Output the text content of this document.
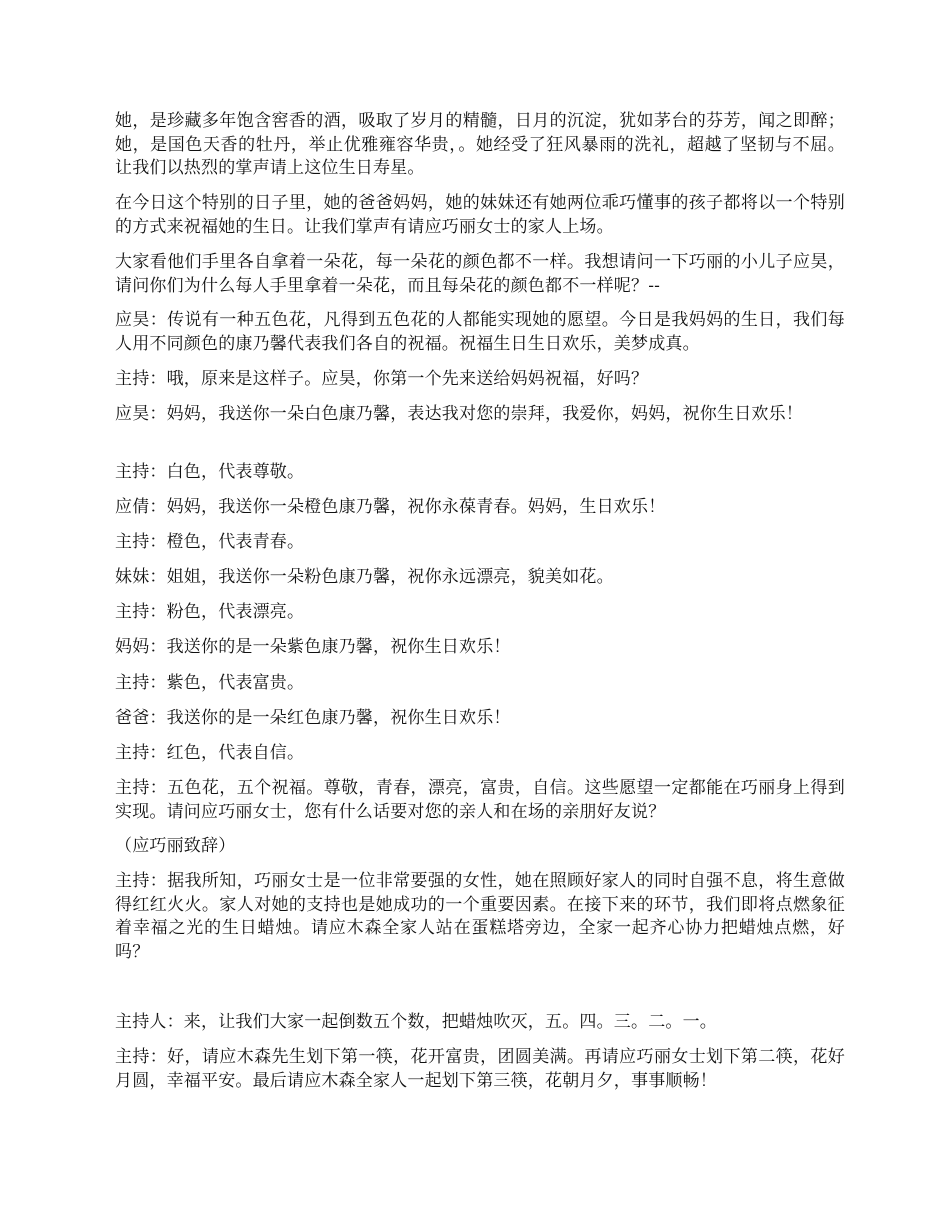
她，是珍藏多年饱含窖香的酒，吸取了岁月的精髓，日月的沉淀，犹如茅台的芬芳，闻之即醉；她，是国色天香的牡丹，举止优雅雍容华贵，。她经受了狂风暴雨的洗礼，超越了坚韧与不屈。让我们以热烈的掌声请上这位生日寿星。

在今日这个特别的日子里，她的爸爸妈妈，她的妹妹还有她两位乖巧懂事的孩子都将以一个特别的方式来祝福她的生日。让我们掌声有请应巧丽女士的家人上场。

大家看他们手里各自拿着一朵花，每一朵花的颜色都不一样。我想请问一下巧丽的小儿子应昊，请问你们为什么每人手里拿着一朵花，而且每朵花的颜色都不一样呢？--

应昊：传说有一种五色花，凡得到五色花的人都能实现她的愿望。今日是我妈妈的生日，我们每人用不同颜色的康乃馨代表我们各自的祝福。祝福生日生日欢乐，美梦成真。

主持：哦，原来是这样子。应昊，你第一个先来送给妈妈祝福，好吗？

应昊：妈妈，我送你一朵白色康乃馨，表达我对您的崇拜，我爱你，妈妈，祝你生日欢乐！

主持：白色，代表尊敬。

应倩：妈妈，我送你一朵橙色康乃馨，祝你永葆青春。妈妈，生日欢乐！

主持：橙色，代表青春。

妹妹：姐姐，我送你一朵粉色康乃馨，祝你永远漂亮，貌美如花。

主持：粉色，代表漂亮。

妈妈：我送你的是一朵紫色康乃馨，祝你生日欢乐！

主持：紫色，代表富贵。

爸爸：我送你的是一朵红色康乃馨，祝你生日欢乐！

主持：红色，代表自信。

主持：五色花，五个祝福。尊敬，青春，漂亮，富贵，自信。这些愿望一定都能在巧丽身上得到实现。请问应巧丽女士，您有什么话要对您的亲人和在场的亲朋好友说？

（应巧丽致辞）

主持：据我所知，巧丽女士是一位非常要强的女性，她在照顾好家人的同时自强不息，将生意做得红红火火。家人对她的支持也是她成功的一个重要因素。在接下来的环节，我们即将点燃象征着幸福之光的生日蜡烛。请应木森全家人站在蛋糕塔旁边，全家一起齐心协力把蜡烛点燃，好吗？

主持人：来，让我们大家一起倒数五个数，把蜡烛吹灭，五。四。三。二。一。

主持：好，请应木森先生划下第一筷，花开富贵，团圆美满。再请应巧丽女士划下第二筷，花好月圆，幸福平安。最后请应木森全家人一起划下第三筷，花朝月夕，事事顺畅！
